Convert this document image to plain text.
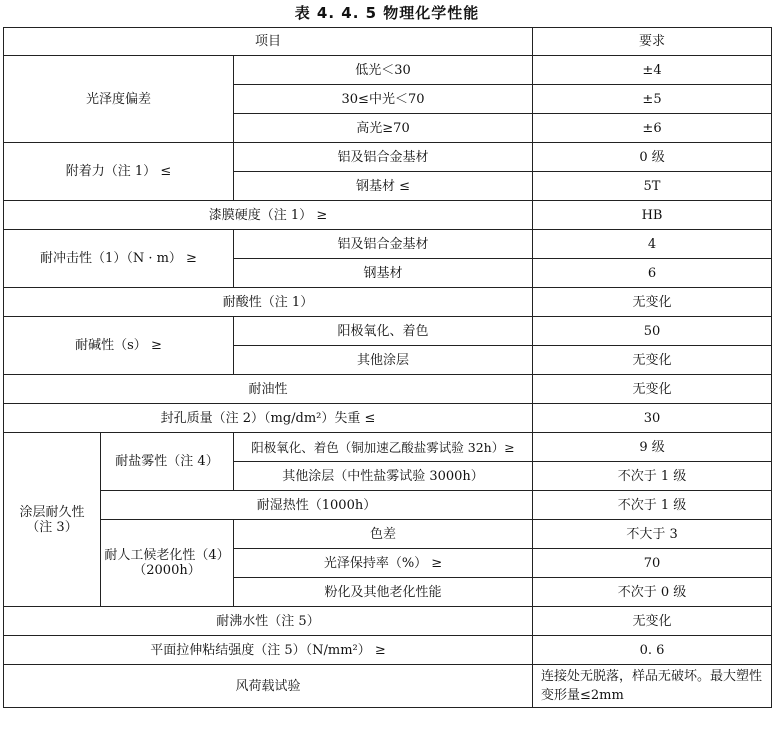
表 4. 4. 5 物理化学性能
项目			要求
光泽度偏差		低光＜30	±4
		30≤中光＜70	±5
		高光≥70	±6
附着力（注 1） ≤		铝及铝合金基材	0 级
		钢基材 ≤	5T
漆膜硬度（注 1） ≥			HB
耐冲击性（1）（N · m） ≥		铝及铝合金基材	4
		钢基材	6
耐酸性（注 1）			无变化
耐碱性（s） ≥		阳极氧化、着色	50
		其他涂层	无变化
耐油性			无变化
封孔质量（注 2）（mg/dm²）失重 ≤			30
涂层耐久性（注 3）	耐盐雾性（注 4）	阳极氧化、着色（铜加速乙酸盐雾试验 32h）≥	9 级
		其他涂层（中性盐雾试验 3000h）	不次于 1 级
	耐湿热性（1000h）		不次于 1 级
	耐人工候老化性（4）（2000h）	色差	不大于 3
		光泽保持率（%） ≥	70
		粉化及其他老化性能	不次于 0 级
耐沸水性（注 5）			无变化
平面拉伸粘结强度（注 5）（N/mm²） ≥			0. 6
风荷载试验			连接处无脱落，样品无破坏。最大塑性变形量≤2mm
